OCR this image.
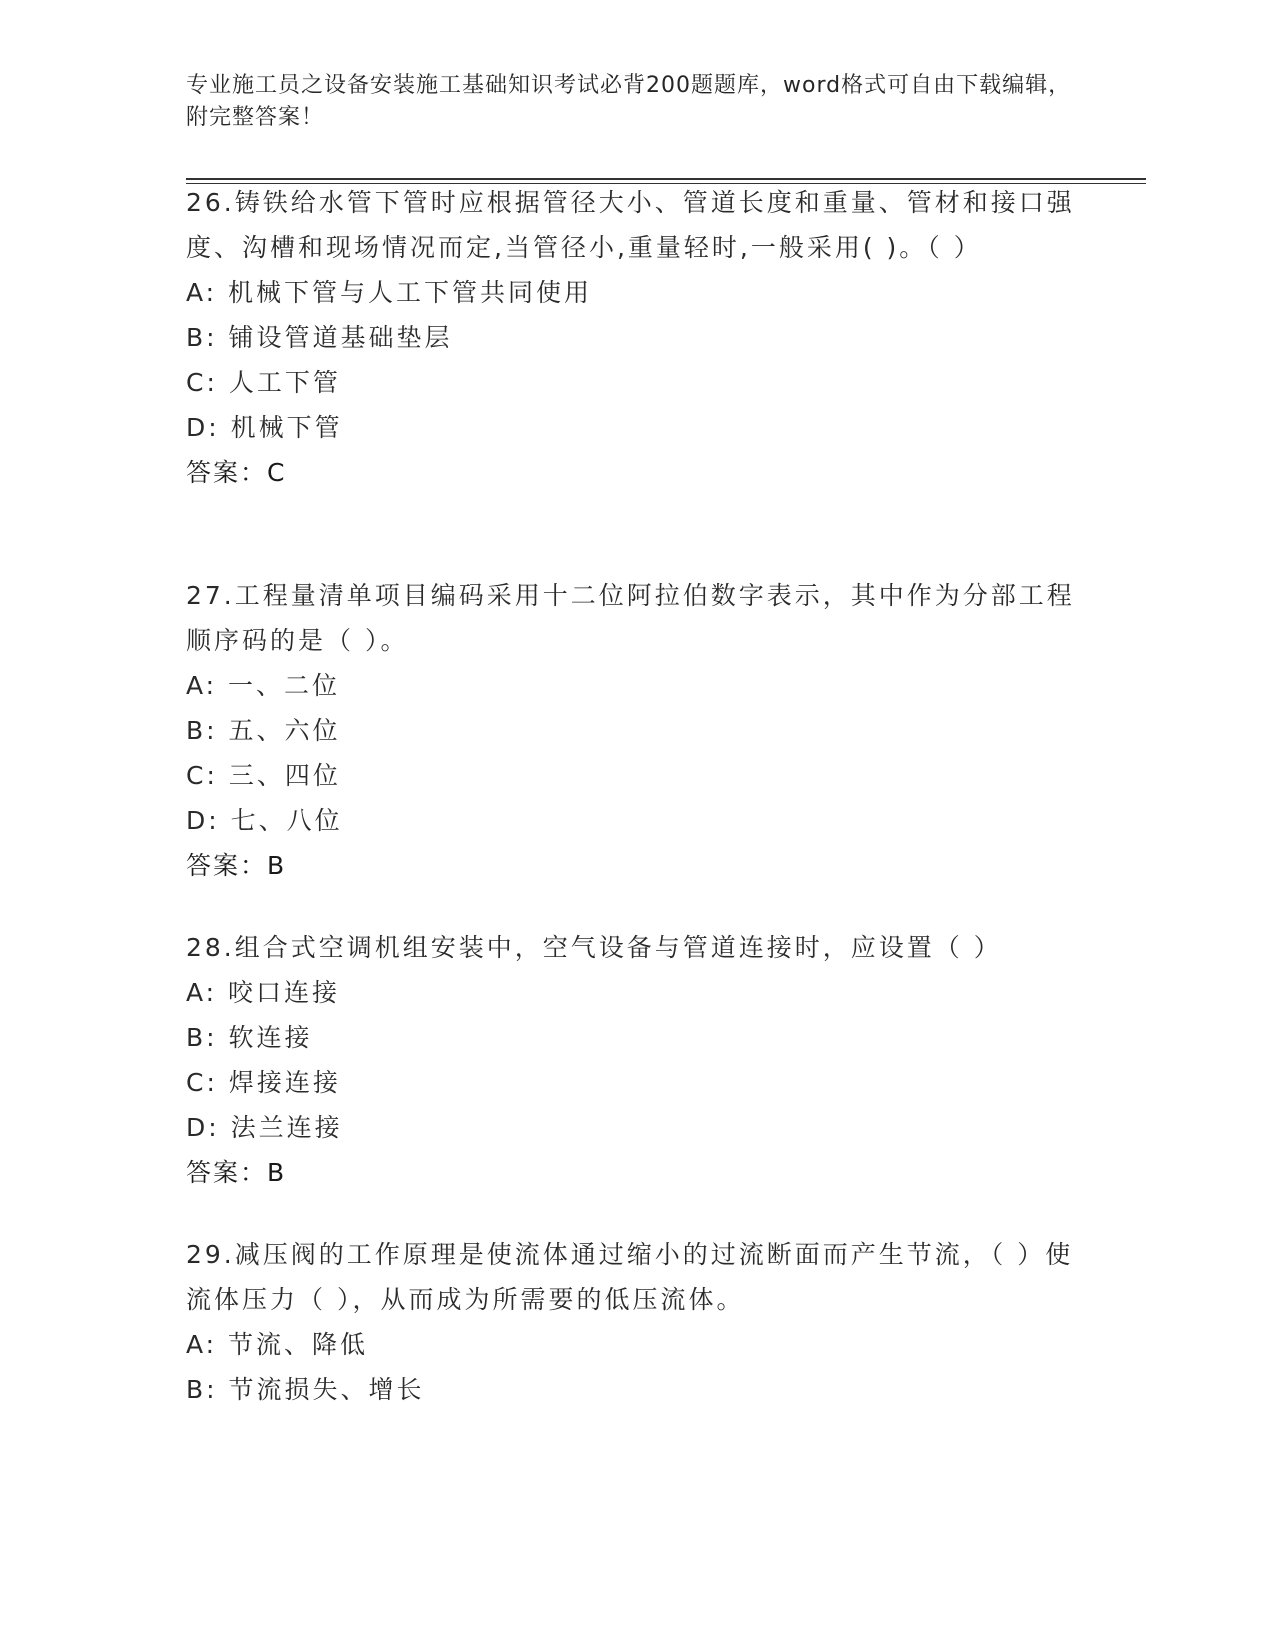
专业施工员之设备安装施工基础知识考试必背200题题库，word格式可自由下载编辑，附完整答案！
26.铸铁给水管下管时应根据管径大小、管道长度和重量、管材和接口强度、沟槽和现场情况而定,当管径小,重量轻时,一般采用( )。（ ）
A: 机械下管与人工下管共同使用
B: 铺设管道基础垫层
C: 人工下管
D: 机械下管
答案：C
27.工程量清单项目编码采用十二位阿拉伯数字表示，其中作为分部工程顺序码的是（ ）。
A: 一、二位
B: 五、六位
C: 三、四位
D: 七、八位
答案：B
28.组合式空调机组安装中，空气设备与管道连接时，应设置（ ）
A: 咬口连接
B: 软连接
C: 焊接连接
D: 法兰连接
答案：B
29.减压阀的工作原理是使流体通过缩小的过流断面而产生节流，（ ）使流体压力（ ），从而成为所需要的低压流体。
A: 节流、降低
B: 节流损失、增长
